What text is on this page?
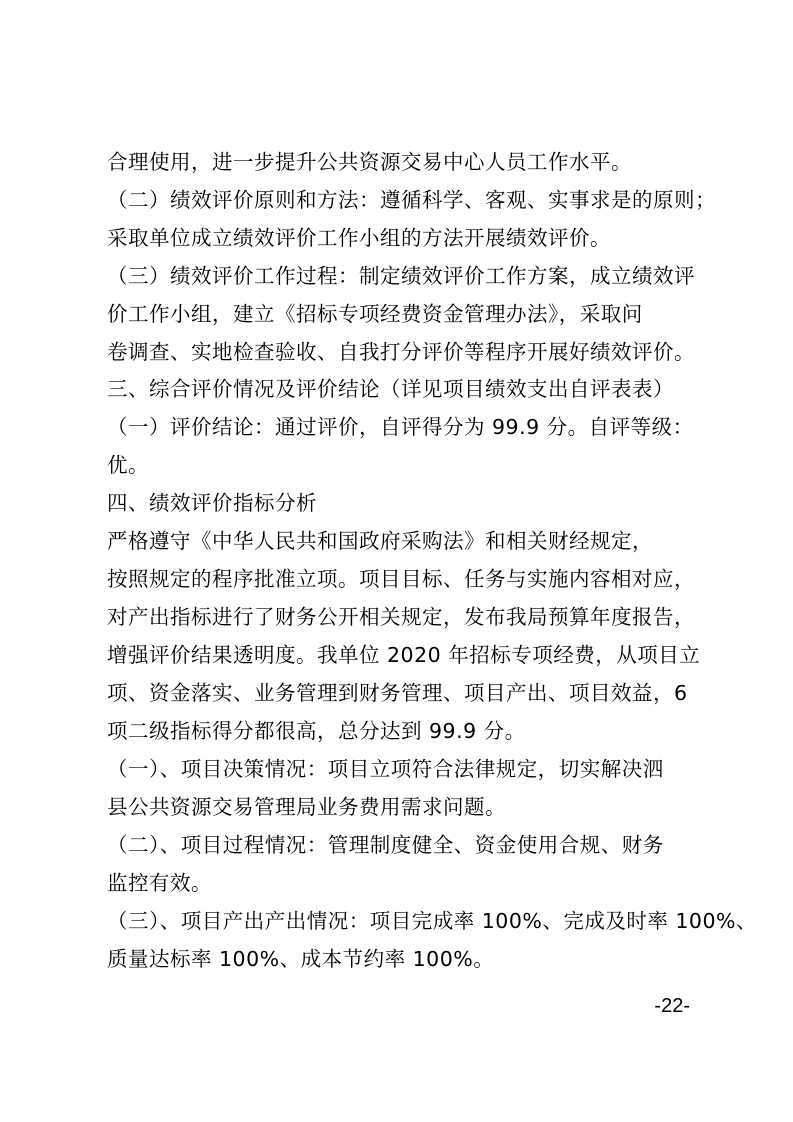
合理使用，进一步提升公共资源交易中心人员工作水平。
（二）绩效评价原则和方法：遵循科学、客观、实事求是的原则；
采取单位成立绩效评价工作小组的方法开展绩效评价。
（三）绩效评价工作过程：制定绩效评价工作方案，成立绩效评
价工作小组，建立《招标专项经费资金管理办法》，采取问
卷调查、实地检查验收、自我打分评价等程序开展好绩效评价。
三、综合评价情况及评价结论（详见项目绩效支出自评表表）
（一）评价结论：通过评价，自评得分为 99.9 分。自评等级：
优。
四、绩效评价指标分析
严格遵守《中华人民共和国政府采购法》和相关财经规定，
按照规定的程序批准立项。项目目标、任务与实施内容相对应，
对产出指标进行了财务公开相关规定，发布我局预算年度报告，
增强评价结果透明度。我单位 2020 年招标专项经费，从项目立
项、资金落实、业务管理到财务管理、项目产出、项目效益，6
项二级指标得分都很高，总分达到 99.9 分。
（一）、项目决策情况：项目立项符合法律规定，切实解决泗
县公共资源交易管理局业务费用需求问题。
（二）、项目过程情况：管理制度健全、资金使用合规、财务
监控有效。
（三）、项目产出产出情况：项目完成率 100%、完成及时率 100%、
质量达标率 100%、成本节约率 100%。
-22-
